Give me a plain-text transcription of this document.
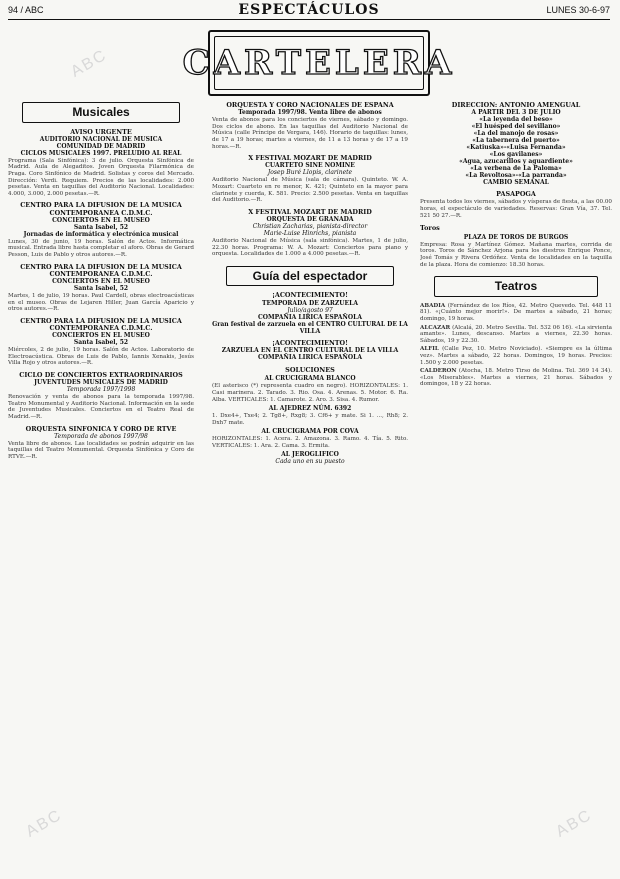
94 / ABC	ESPECTÁCULOS	LUNES 30-6-97
CARTELERA
ABC
ABC	ABC
Musicales
AVISO URGENTE
AUDITORIO NACIONAL DE MUSICA
COMUNIDAD DE MADRID
CICLOS MUSICALES 1997. PRELUDIO AL REAL
Programa (Sala Sinfónica): 3 de julio. Orquesta Sinfónica de Madrid. Aula de Alegaditos. Joven Orquesta Filarmónica de Praga. Coro Sinfónico de Madrid. Solistas y coros del Mercado. Dirección: Verdi. Requiem. Precios de las localidades: 2.000 pesetas. Venta en taquillas del Auditorio Nacional. Localidades: 4.000, 3.000, 2.000 pesetas.—R.
CENTRO PARA LA DIFUSION DE LA MUSICA CONTEMPORANEA C.D.M.C.
CONCIERTOS EN EL MUSEO
Santa Isabel, 52
Jornadas de informática y electrónica musical
Lunes, 30 de junio, 19 horas. Salón de Actos. Informática musical. Entrada libre hasta completar el aforo. Obras de Gerard Pesson, Luis de Pablo y otros autores.—R.
CENTRO PARA LA DIFUSION DE LA MUSICA CONTEMPORANEA C.D.M.C.
CONCIERTOS EN EL MUSEO
Santa Isabel, 52
Martes, 1 de julio, 19 horas. Paul Cardell, obras electroacústicas en el museo. Obras de Lejaren Hiller, Juan García Aparicio y otros autores.—R.
CENTRO PARA LA DIFUSION DE LA MUSICA CONTEMPORANEA C.D.M.C.
CONCIERTOS EN EL MUSEO
Santa Isabel, 52
Miércoles, 2 de julio, 19 horas. Salón de Actos. Laboratorio de Electroacústica. Obras de Luis de Pablo, Iannis Xenakis, Jesús Villa Rojo y otros autores.—R.
CICLO DE CONCIERTOS EXTRAORDINARIOS
JUVENTUDES MUSICALES DE MADRID
Temporada 1997/1998
Renovación y venta de abonos para la temporada 1997/98. Teatro Monumental y Auditorio Nacional. Información en la sede de Juventudes Musicales. Conciertos en el Teatro Real de Madrid.—R.
ORQUESTA SINFONICA Y CORO DE RTVE
Temporada de abonos 1997/98
Venta libre de abonos. Las localidades se podrán adquirir en las taquillas del Teatro Monumental. Orquesta Sinfónica y Coro de RTVE.—R.
ORQUESTA Y CORO NACIONALES DE ESPAÑA
Temporada 1997/98. Venta libre de abonos
Venta de abonos para los conciertos de viernes, sábado y domingo. Dos ciclos de abono. En las taquillas del Auditorio Nacional de Música (calle Príncipe de Vergara, 146). Horario de taquillas: lunes, de 17 a 19 horas; martes a viernes, de 11 a 13 horas y de 17 a 19 horas.—R.
X FESTIVAL MOZART DE MADRID
CUARTETO SINE NOMINE
Josep Buré Llopis, clarinete
Auditorio Nacional de Música (sala de cámara). Quinteto. W. A. Mozart: Cuarteto en re menor, K. 421; Quinteto en la mayor para clarinete y cuerda, K. 581. Precio: 2.500 pesetas. Venta en taquillas del Auditorio.—R.
X FESTIVAL MOZART DE MADRID
ORQUESTA DE GRANADA
Christian Zacharias, pianista-director
Marie-Luise Hinrichs, pianista
Auditorio Nacional de Música (sala sinfónica). Martes, 1 de julio, 22.30 horas. Programa: W. A. Mozart: Conciertos para piano y orquesta. Localidades de 1.000 a 4.000 pesetas.—R.
Guía del espectador
¡ACONTECIMIENTO!
TEMPORADA DE ZARZUELA
Julio/agosto 97
COMPAÑIA LIRICA ESPAÑOLA
Gran festival de zarzuela en el CENTRO CULTURAL DE LA VILLA
¡ACONTECIMIENTO!
ZARZUELA EN EL CENTRO CULTURAL DE LA VILLA
COMPAÑIA LIRICA ESPAÑOLA
SOLUCIONES
AL CRUCIGRAMA BLANCO
(El asterisco (*) representa cuadro en negro). HORIZONTALES: 1. Casi marinera. 2. Tarado. 3. Rio. Osa. 4. Arenas. 5. Motor. 6. Ra. Alba. VERTICALES: 1. Camarote. 2. Aro. 3. Sisa. 4. Rumor.
AL AJEDREZ NÚM. 6392
1. Dxe4+, Txe4; 2. Tg8+, Rxg8; 3. Cf6+ y mate. Si 1. ..., Rh8; 2. Dxh7 mate.
AL CRUCIGRAMA POR COVA
HORIZONTALES: 1. Acera. 2. Amazona. 3. Ramo. 4. Tía. 5. Rito. VERTICALES: 1. Ara. 2. Cama. 3. Ermita.
AL JEROGLIFICO
Cada uno en su puesto
DIRECCION: ANTONIO AMENGUAL
A PARTIR DEL 3 DE JULIO
«La leyenda del beso»
«El huésped del sevillano»
«La del manojo de rosas»
«La tabernera del puerto»
«Katiuska»-«Luisa Fernanda»
«Los gavilanes»
«Agua, azucarillos y aguardiente»
«La verbena de La Paloma»
«La Revoltosa»-«La parranda»
CAMBIO SEMANAL
PASAPOGA
Presenta todos los viernes, sábados y vísperas de fiesta, a las 00.00 horas, el espectáculo de variedades. Reservas: Gran Vía, 37. Tel. 521 50 27.—R.
Toros
PLAZA DE TOROS DE BURGOS
Empresa: Rosa y Martínez Gómez. Mañana martes, corrida de toros. Toros de Sánchez Arjona para los diestros Enrique Ponce, José Tomás y Rivera Ordóñez. Venta de localidades en la taquilla de la plaza. Hora de comienzo: 18.30 horas.
Teatros
ABADIA (Fernández de los Ríos, 42. Metro Quevedo. Tel. 448 11 81). «¡Cuánto mejor morir!». De martes a sábado, 21 horas; domingo, 19 horas.
ALCAZAR (Alcalá, 20. Metro Sevilla. Tel. 532 06 16). «La sirvienta amante». Lunes, descanso. Martes a viernes, 22.30 horas. Sábados, 19 y 22.30.
ALFIL (Calle Pez, 10. Metro Noviciado). «Siempre es la última vez». Martes a sábado, 22 horas. Domingos, 19 horas. Precios: 1.500 y 2.000 pesetas.
CALDERON (Atocha, 18. Metro Tirso de Molina. Tel. 369 14 34). «Los Miserables». Martes a viernes, 21 horas. Sábados y domingos, 18 y 22 horas.
